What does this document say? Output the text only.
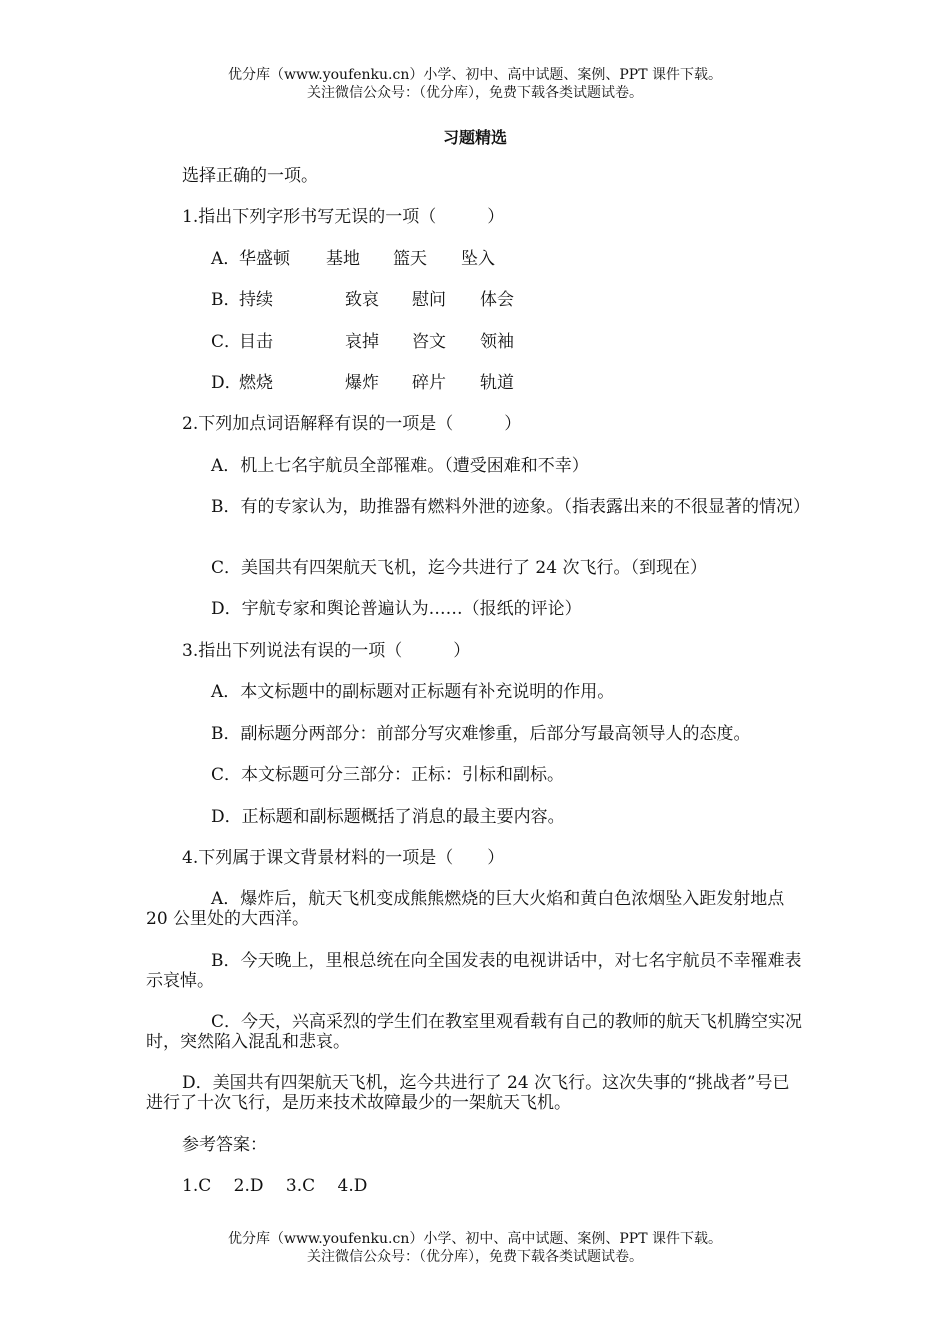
优分库（www.youfenku.cn）小学、初中、高中试题、案例、PPT 课件下载。
关注微信公众号：（优分库），免费下载各类试题试卷。
习题精选
选择正确的一项。
1.指出下列字形书写无误的一项（　　　）
A．华盛顿 基地 篮天 坠入
B．持续	致哀 慰问 体会
C．目击	哀掉 咨文 领袖
D．燃烧	爆炸 碎片 轨道
2.下列加点词语解释有误的一项是（　　　）
A．机上七名宇航员全部罹难。（遭受困难和不幸）
B．有的专家认为，助推器有燃料外泄的迹象。（指表露出来的不很显著的情况）
C．美国共有四架航天飞机，迄今共进行了 24 次飞行。（到现在）
D．宇航专家和舆论普遍认为……（报纸的评论）
3.指出下列说法有误的一项（　　　）
A．本文标题中的副标题对正标题有补充说明的作用。
B．副标题分两部分：前部分写灾难惨重，后部分写最高领导人的态度。
C．本文标题可分三部分：正标：引标和副标。
D．正标题和副标题概括了消息的最主要内容。
4.下列属于课文背景材料的一项是（　　）
A．爆炸后，航天飞机变成熊熊燃烧的巨大火焰和黄白色浓烟坠入距发射地点 20 公里处的大西洋。
B．今天晚上，里根总统在向全国发表的电视讲话中，对七名宇航员不幸罹难表示哀悼。
C．今天，兴高采烈的学生们在教室里观看载有自己的教师的航天飞机腾空实况时，突然陷入混乱和悲哀。
D．美国共有四架航天飞机，迄今共进行了 24 次飞行。这次失事的“挑战者”号已进行了十次飞行，是历来技术故障最少的一架航天飞机。
参考答案：
1.C　 2.D　 3.C　 4.D
优分库（www.youfenku.cn）小学、初中、高中试题、案例、PPT 课件下载。
关注微信公众号：（优分库），免费下载各类试题试卷。
